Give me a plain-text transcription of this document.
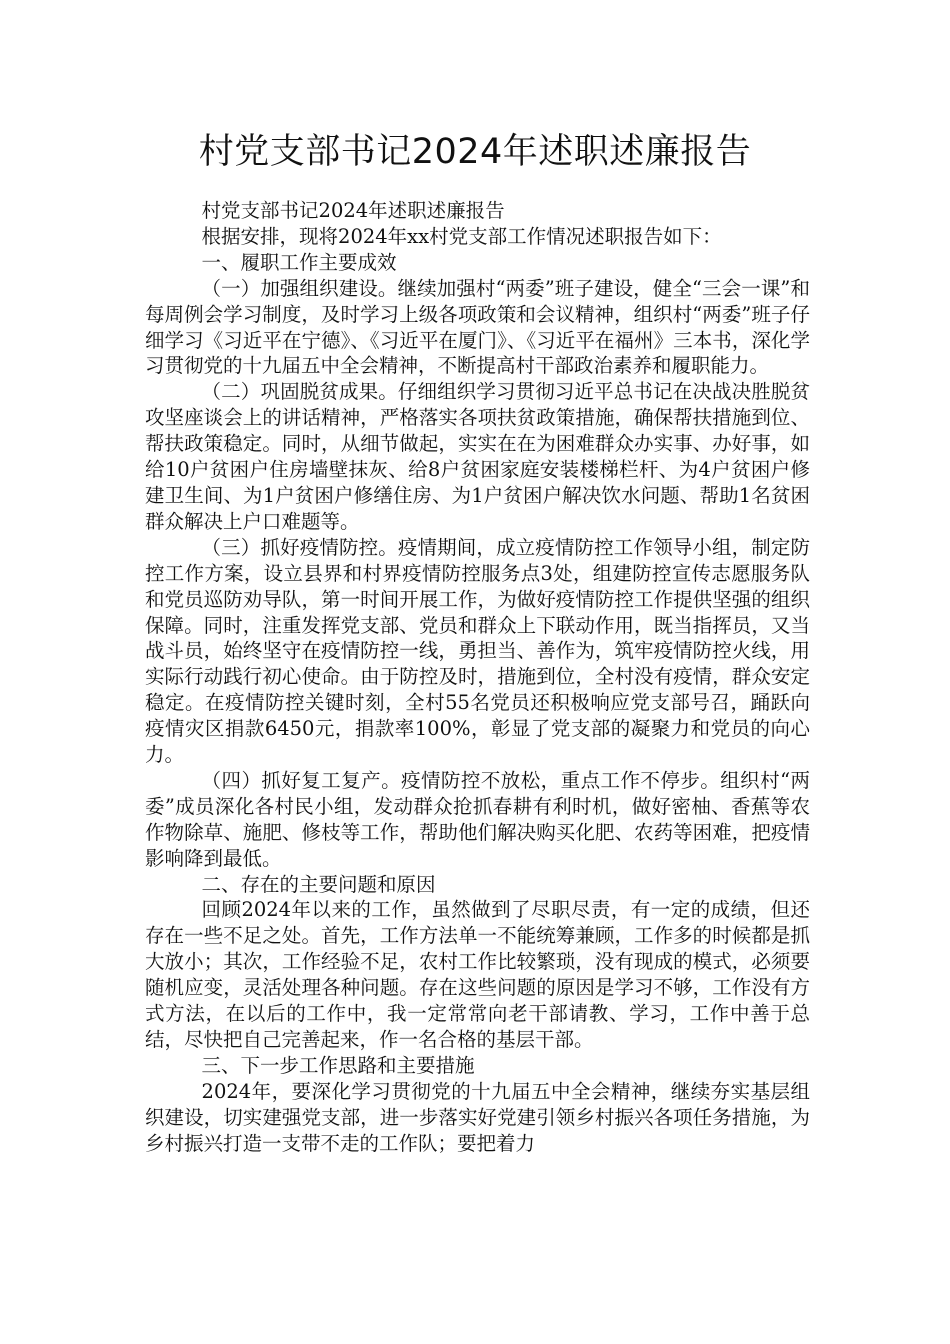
村党支部书记2024年述职述廉报告

村党支部书记2024年述职述廉报告

根据安排，现将2024年xx村党支部工作情况述职报告如下：

一、履职工作主要成效

（一）加强组织建设。继续加强村“两委”班子建设，健全“三会一课”和每周例会学习制度，及时学习上级各项政策和会议精神，组织村“两委”班子仔细学习《习近平在宁德》、《习近平在厦门》、《习近平在福州》三本书，深化学习贯彻党的十九届五中全会精神，不断提高村干部政治素养和履职能力。

（二）巩固脱贫成果。仔细组织学习贯彻习近平总书记在决战决胜脱贫攻坚座谈会上的讲话精神，严格落实各项扶贫政策措施，确保帮扶措施到位、帮扶政策稳定。同时，从细节做起，实实在在为困难群众办实事、办好事，如给10户贫困户住房墙壁抹灰、给8户贫困家庭安装楼梯栏杆、为4户贫困户修建卫生间、为1户贫困户修缮住房、为1户贫困户解决饮水问题、帮助1名贫困群众解决上户口难题等。

（三）抓好疫情防控。疫情期间，成立疫情防控工作领导小组，制定防控工作方案，设立县界和村界疫情防控服务点3处，组建防控宣传志愿服务队和党员巡防劝导队，第一时间开展工作，为做好疫情防控工作提供坚强的组织保障。同时，注重发挥党支部、党员和群众上下联动作用，既当指挥员，又当战斗员，始终坚守在疫情防控一线，勇担当、善作为，筑牢疫情防控火线，用实际行动践行初心使命。由于防控及时，措施到位，全村没有疫情，群众安定稳定。在疫情防控关键时刻，全村55名党员还积极响应党支部号召，踊跃向疫情灾区捐款6450元，捐款率100%，彰显了党支部的凝聚力和党员的向心力。

（四）抓好复工复产。疫情防控不放松，重点工作不停步。组织村“两委”成员深化各村民小组，发动群众抢抓春耕有利时机，做好密柚、香蕉等农作物除草、施肥、修枝等工作，帮助他们解决购买化肥、农药等困难，把疫情影响降到最低。

二、存在的主要问题和原因

回顾2024年以来的工作，虽然做到了尽职尽责，有一定的成绩，但还存在一些不足之处。首先，工作方法单一不能统筹兼顾，工作多的时候都是抓大放小；其次，工作经验不足，农村工作比较繁琐，没有现成的模式，必须要随机应变，灵活处理各种问题。存在这些问题的原因是学习不够，工作没有方式方法，在以后的工作中，我一定常常向老干部请教、学习，工作中善于总结，尽快把自己完善起来，作一名合格的基层干部。

三、下一步工作思路和主要措施

2024年，要深化学习贯彻党的十九届五中全会精神，继续夯实基层组织建设，切实建强党支部，进一步落实好党建引领乡村振兴各项任务措施，为乡村振兴打造一支带不走的工作队；要把着力
